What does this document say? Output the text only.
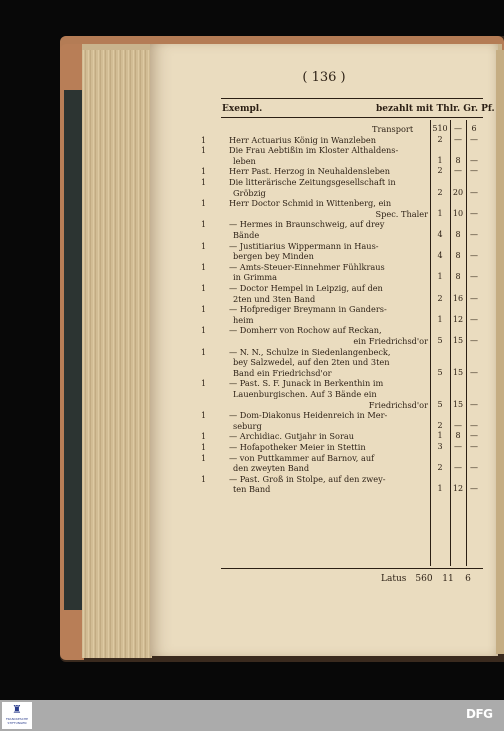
( 136 )
Exempl.	bezahlt mit Thlr. Gr. Pf.
Transport 510 —	6
1	Herr Actuarius König in Wanzleben	2	—	—
1	Die Frau Aebtißin im Kloster Althaldens-
leben	1	8	—
1	Herr Past. Herzog in Neuhaldensleben	2	—	—
1	Die litterärische Zeitungsgesellschaft in
Gröbzig	2	20 —
1	Herr Doctor Schmid in Wittenberg, ein
Spec. Thaler	1	10 —
1	— Hermes in Braunschweig, auf drey
Bände	4	8	—
1	— Justitiarius Wippermann in Haus-
bergen bey Minden	4	8	—
1	— Amts-Steuer-Einnehmer Fühlkraus
in Grimma	1	8	—
1	— Doctor Hempel in Leipzig, auf den
2ten und 3ten Band	2	16 —
1	— Hofprediger Breymann in Ganders-
heim	1	12 —
1	— Domherr von Rochow auf Reckan,
ein Friedrichsd'or	5	15 —
1	— N. N., Schulze in Siedenlangenbeck,
bey Salzwedel, auf den 2ten und 3ten
Band ein Friedrichsd'or	5	15 —
1	— Past. S. F. Junack in Berkenthin im
Lauenburgischen. Auf 3 Bände ein
Friedrichsd'or	5	15 —
1	— Dom-Diakonus Heidenreich in Mer-
seburg	2	—	—
1	— Archidiac. Gutjahr in Sorau	1	8	—
1	— Hofapotheker Meier in Stettin	3	—	—
1	— von Puttkammer auf Barnov, auf
den zweyten Band	2	—	—
1	— Past. Groß in Stolpe, auf den zwey-
ten Band	1	12 —
Latus 560 11	6
♜
FRANCKESCHE
STIFTUNGEN
DFG
